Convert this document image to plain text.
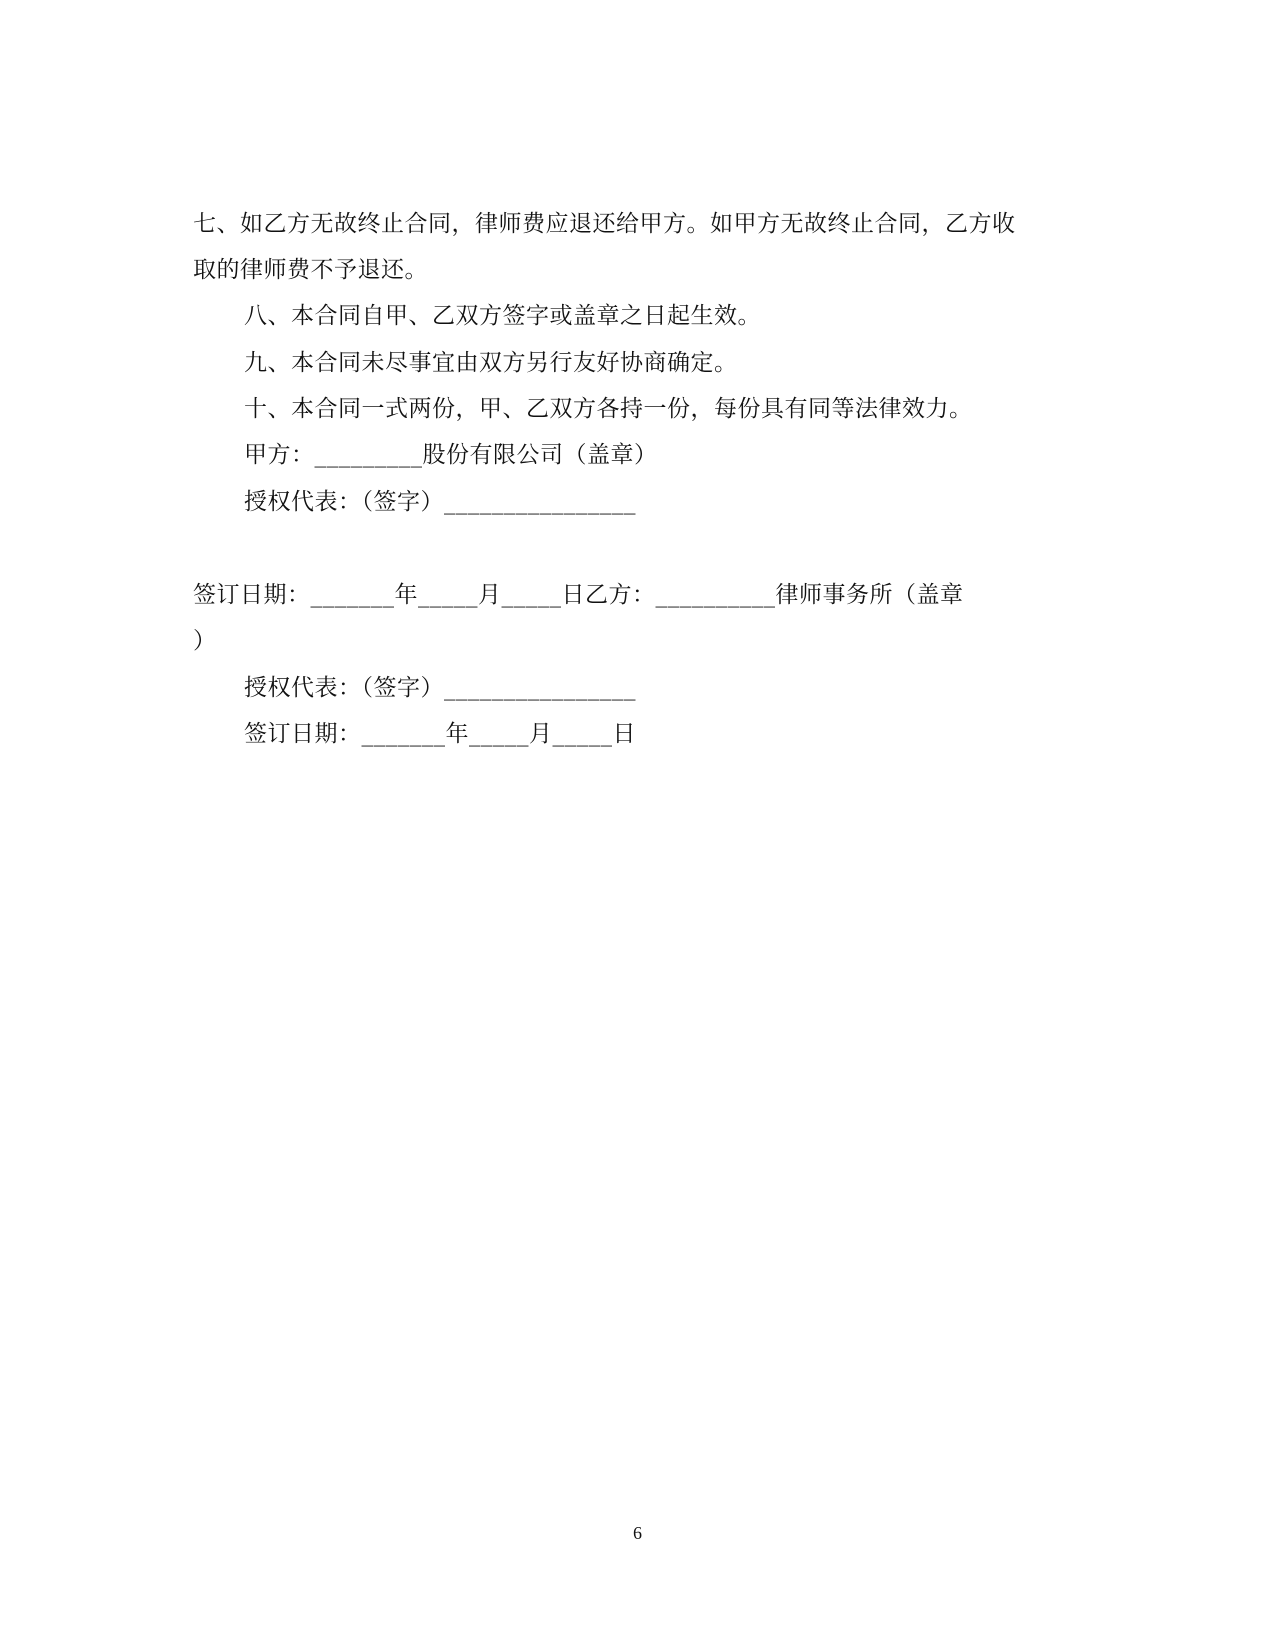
七、如乙方无故终止合同，律师费应退还给甲方。如甲方无故终止合同，乙方收
取的律师费不予退还。
八、本合同自甲、乙双方签字或盖章之日起生效。
九、本合同未尽事宜由双方另行友好协商确定。
十、本合同一式两份，甲、乙双方各持一份，每份具有同等法律效力。
甲方：_________股份有限公司（盖章）
授权代表：（签字）________________
签订日期：_______年_____月_____日乙方：__________律师事务所（盖章
）
授权代表：（签字）________________
签订日期：_______年_____月_____日
6
